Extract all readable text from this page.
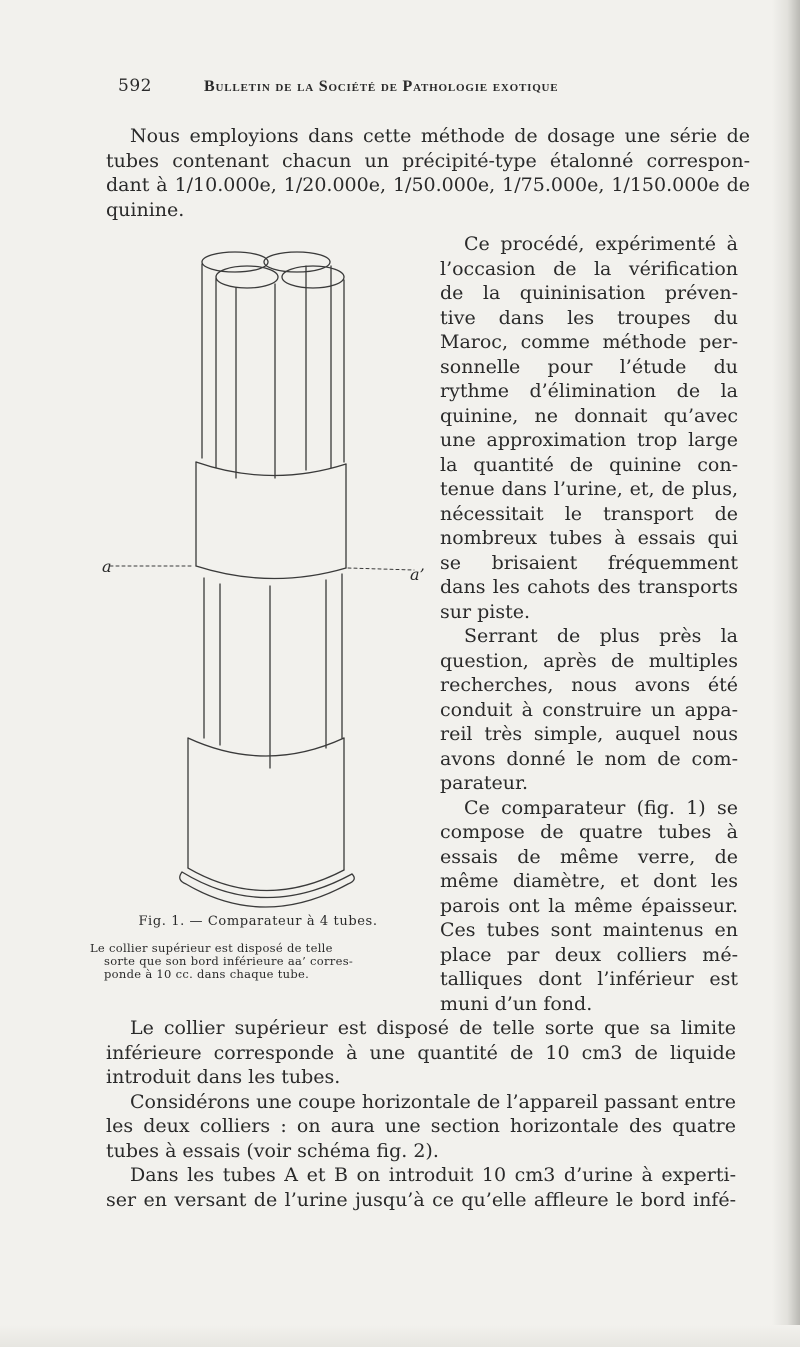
592	Bulletin de la Société de Pathologie exotique
Nous employions dans cette méthode de dosage une série de
tubes contenant chacun un précipité-type étalonné correspon-
dant à 1/10.000e, 1/20.000e, 1/50.000e, 1/75.000e, 1/150.000e de
quinine.
a	a’
Fig. 1. — Comparateur à 4 tubes.
Le collier supérieur est disposé de telle
sorte que son bord inférieure aa’ corres-
ponde à 10 cc. dans chaque tube.
Ce procédé, expérimenté à
l’occasion de la vérification
de la quininisation préven-
tive dans les troupes du
Maroc, comme méthode per-
sonnelle pour l’étude du
rythme d’élimination de la
quinine, ne donnait qu’avec
une approximation trop large
la quantité de quinine con-
tenue dans l’urine, et, de plus,
nécessitait le transport de
nombreux tubes à essais qui
se brisaient fréquemment
dans les cahots des transports
sur piste.
Serrant de plus près la
question, après de multiples
recherches, nous avons été
conduit à construire un appa-
reil très simple, auquel nous
avons donné le nom de com-
parateur.
Ce comparateur (fig. 1) se
compose de quatre tubes à
essais de même verre, de
même diamètre, et dont les
parois ont la même épaisseur.
Ces tubes sont maintenus en
place par deux colliers mé-
talliques dont l’inférieur est
muni d’un fond.
Le collier supérieur est disposé de telle sorte que sa limite
inférieure corresponde à une quantité de 10 cm3 de liquide
introduit dans les tubes.
Considérons une coupe horizontale de l’appareil passant entre
les deux colliers : on aura une section horizontale des quatre
tubes à essais (voir schéma fig. 2).
Dans les tubes A et B on introduit 10 cm3 d’urine à experti-
ser en versant de l’urine jusqu’à ce qu’elle affleure le bord infé-
